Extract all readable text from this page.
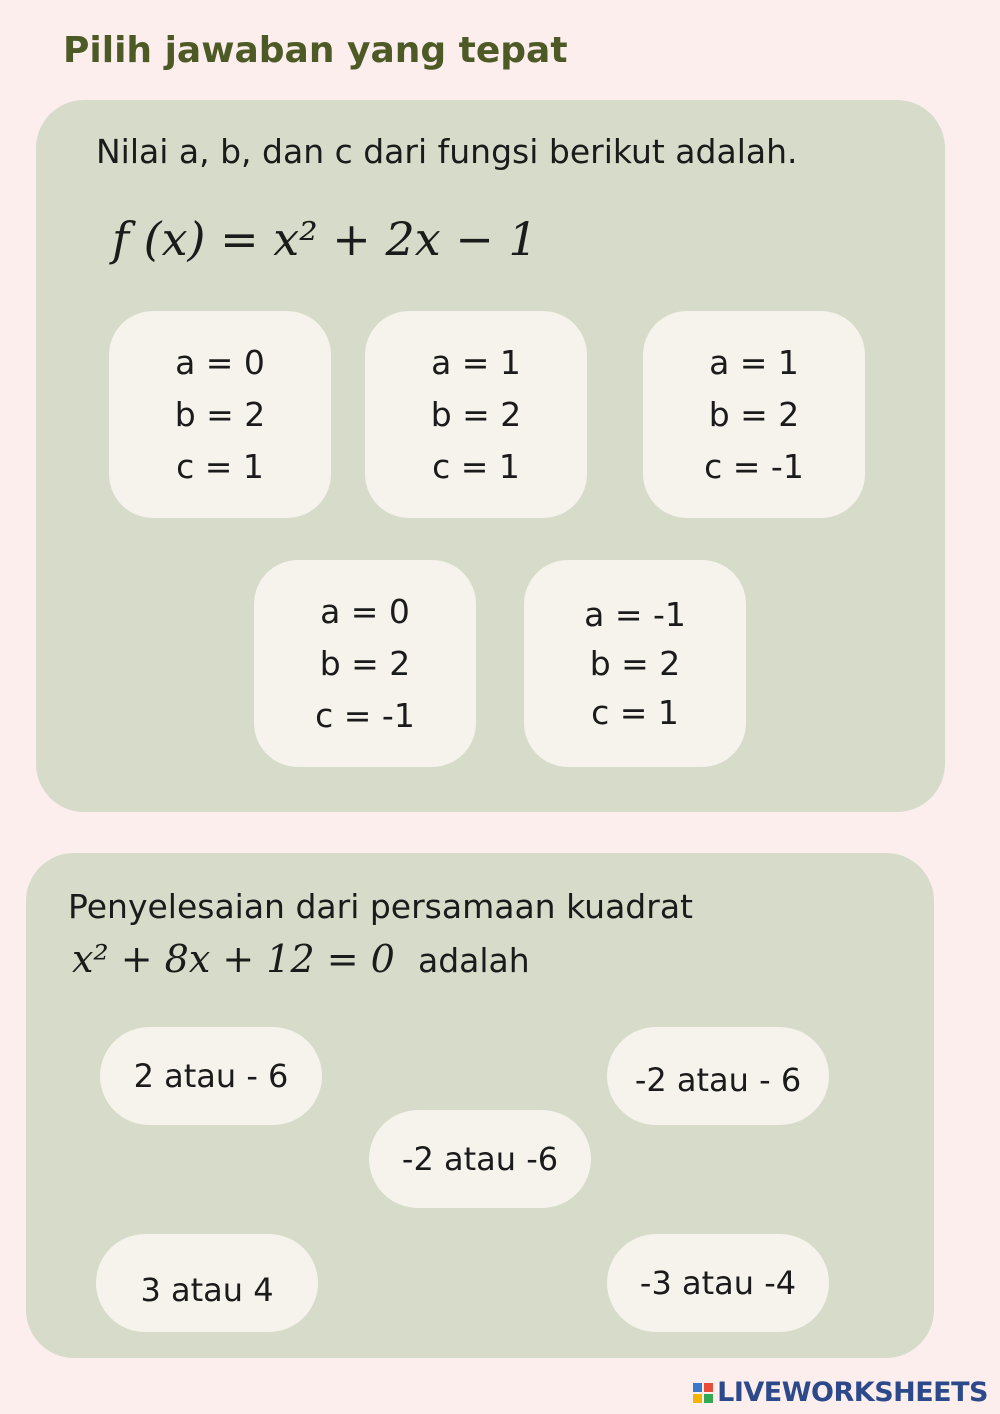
Pilih jawaban yang tepat
Nilai a, b, dan c dari fungsi berikut adalah.
f (x) = x² + 2x − 1
a = 0
b = 2
c = 1
a = 1
b = 2
c = 1
a = 1
b = 2
c = -1
a = 0
b = 2
c = -1
a = -1
b = 2
c = 1
Penyelesaian dari persamaan kuadrat
x² + 8x + 12 = 0 adalah
2 atau - 6	-2 atau - 6
-2 atau -6
3 atau 4	-3 atau -4
LIVEWORKSHEETS
